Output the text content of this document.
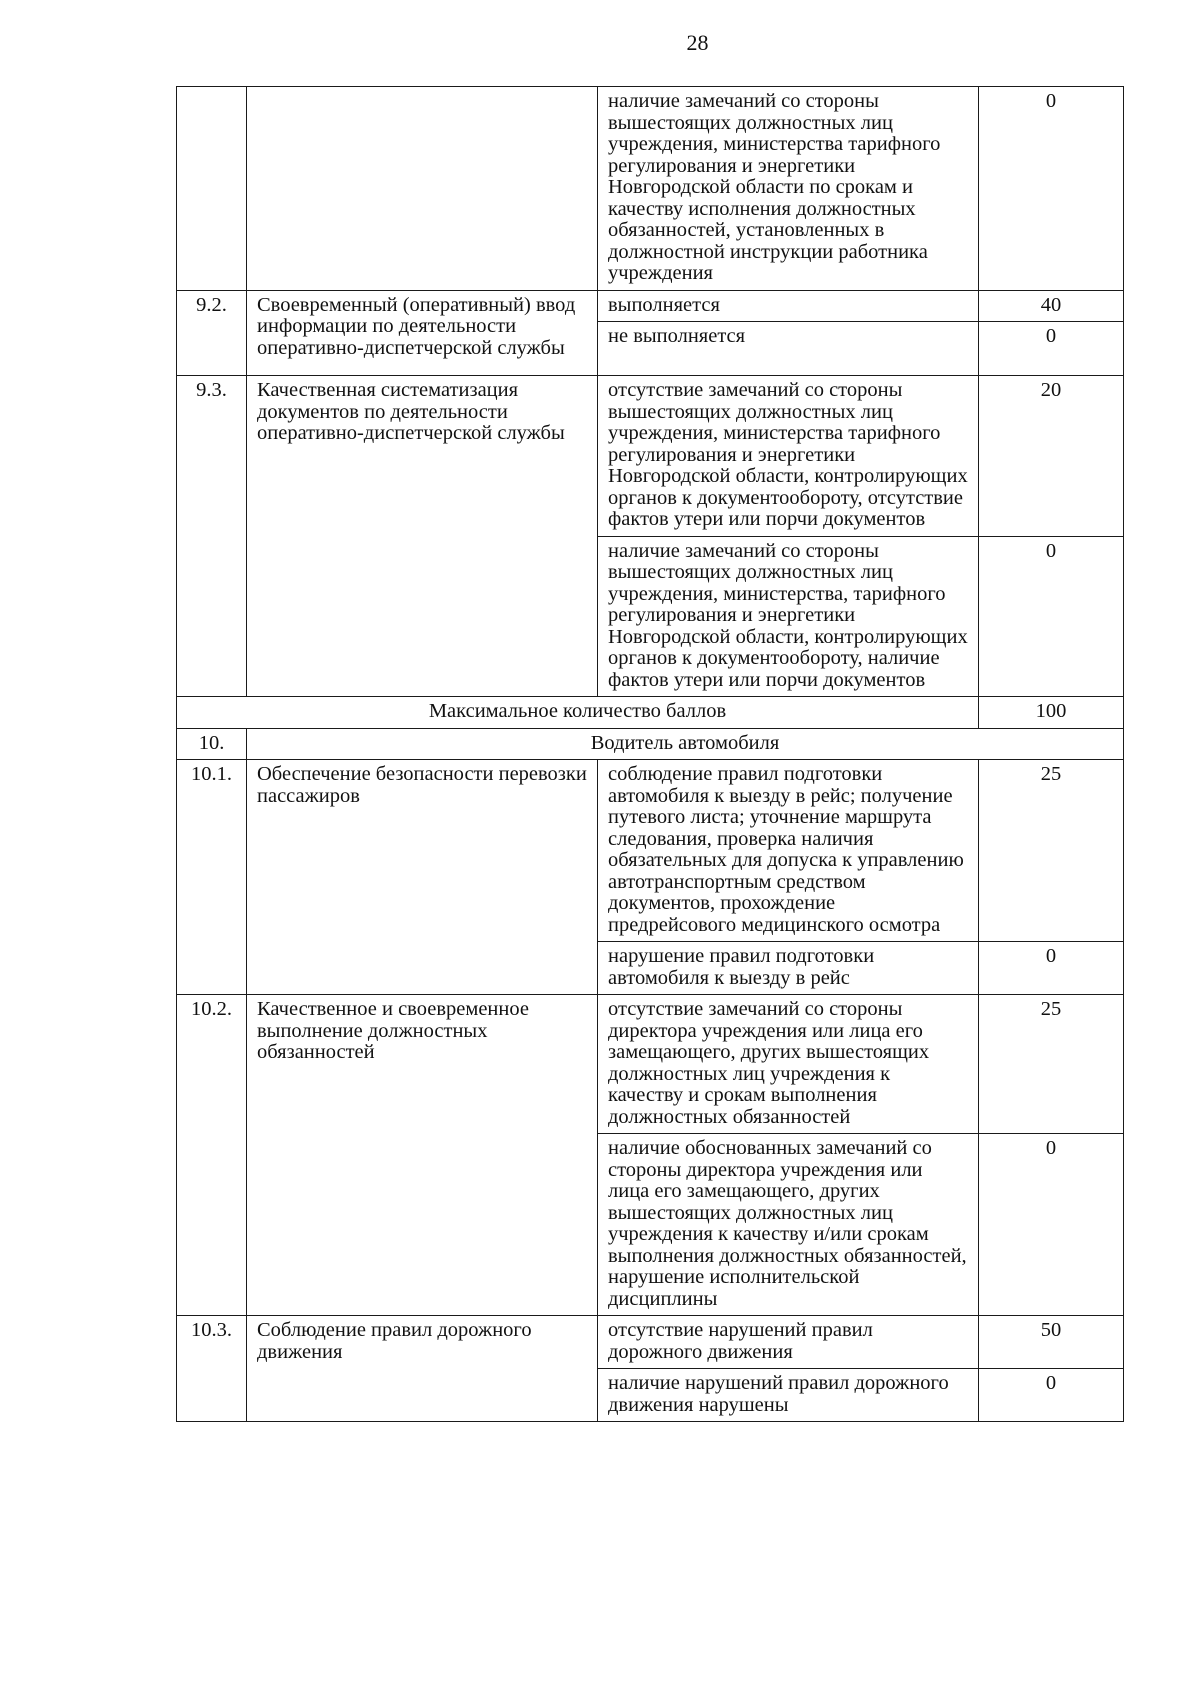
28
		наличие замечаний со стороны вышестоящих должностных лиц учреждения, министерства тарифного регулирования и энергетики Новгородской области по срокам и качеству исполнения должностных обязанностей, установленных в должностной инструкции работника учреждения	0
9.2.	Своевременный (оперативный) ввод информации по деятельности оперативно-диспетчерской службы	выполняется	40
		не выполняется	0
9.3.	Качественная систематизация документов по деятельности оперативно-диспетчерской службы	отсутствие замечаний со стороны вышестоящих должностных лиц учреждения, министерства тарифного регулирования и энергетики Новгородской области, контролирующих органов к документообороту, отсутствие фактов утери или порчи документов	20
		наличие замечаний со стороны вышестоящих должностных лиц учреждения, министерства, тарифного регулирования и энергетики Новгородской области, контролирующих органов к документообороту, наличие фактов утери или порчи документов	0
Максимальное количество баллов			100
10.	Водитель автомобиля		
10.1.	Обеспечение безопасности перевозки пассажиров	соблюдение правил подготовки автомобиля к выезду в рейс; получение путевого листа; уточнение маршрута следования, проверка наличия обязательных для допуска к управлению автотранспортным средством документов, прохождение предрейсового медицинского осмотра	25
		нарушение правил подготовки автомобиля к выезду в рейс	0
10.2.	Качественное и своевременное выполнение должностных обязанностей	отсутствие замечаний со стороны директора учреждения или лица его замещающего, других вышестоящих должностных лиц учреждения к качеству и срокам выполнения должностных обязанностей	25
		наличие обоснованных замечаний со стороны директора учреждения или лица его замещающего, других вышестоящих должностных лиц учреждения к качеству и/или срокам выполнения должностных обязанностей, нарушение исполнительской дисциплины	0
10.3.	Соблюдение правил дорожного движения	отсутствие нарушений правил дорожного движения	50
		наличие нарушений правил дорожного движения нарушены	0
